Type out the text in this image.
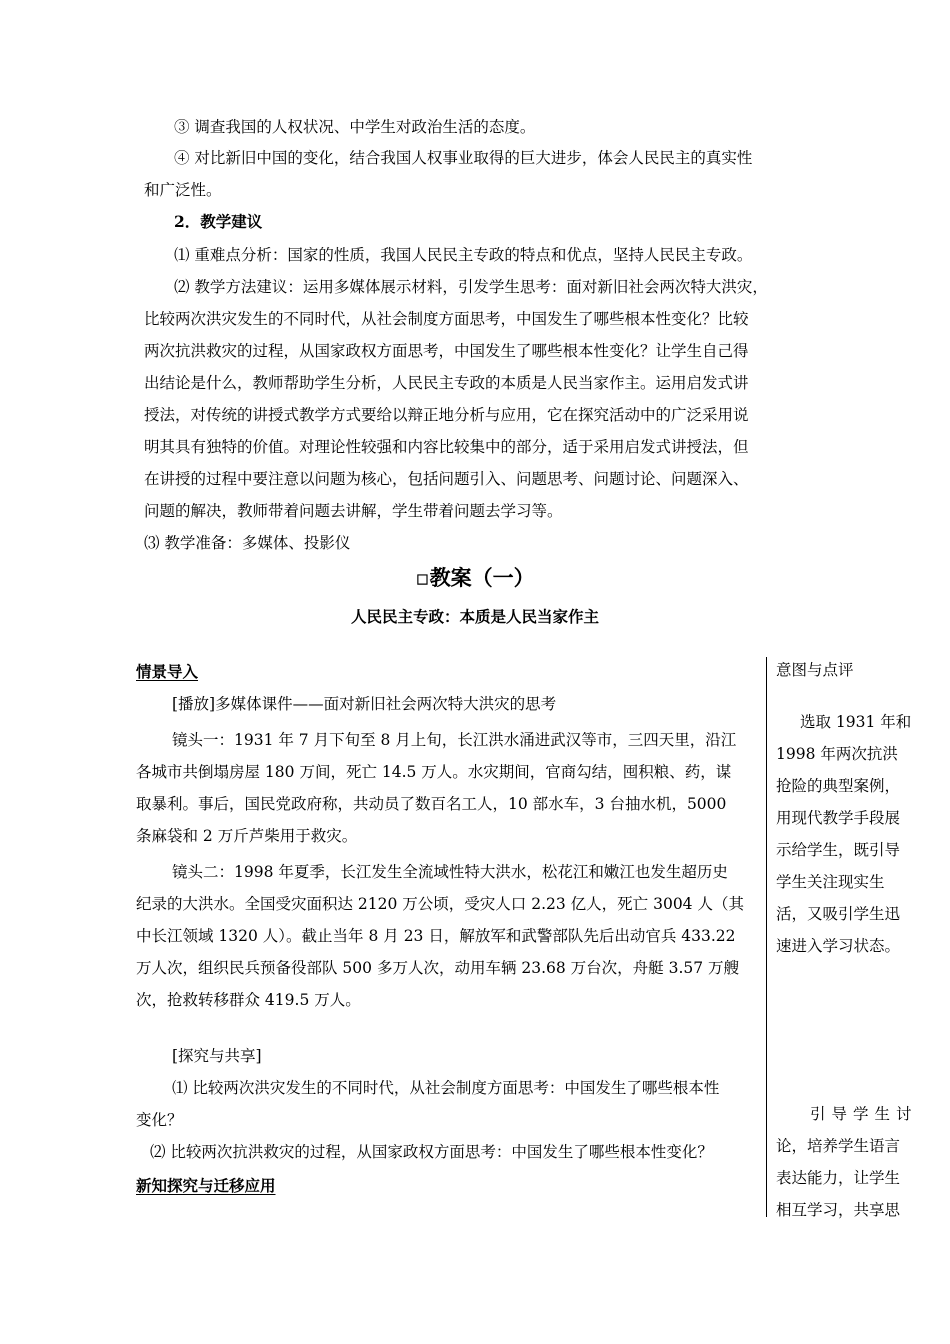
③ 调查我国的人权状况、中学生对政治生活的态度。
④ 对比新旧中国的变化，结合我国人权事业取得的巨大进步，体会人民民主的真实性
和广泛性。
2．教学建议
⑴ 重难点分析：国家的性质，我国人民民主专政的特点和优点，坚持人民民主专政。
⑵ 教学方法建议：运用多媒体展示材料，引发学生思考：面对新旧社会两次特大洪灾，
比较两次洪灾发生的不同时代，从社会制度方面思考，中国发生了哪些根本性变化？比较
两次抗洪救灾的过程，从国家政权方面思考，中国发生了哪些根本性变化？让学生自己得
出结论是什么，教师帮助学生分析，人民民主专政的本质是人民当家作主。运用启发式讲
授法，对传统的讲授式教学方式要给以辩正地分析与应用，它在探究活动中的广泛采用说
明其具有独特的价值。对理论性较强和内容比较集中的部分，适于采用启发式讲授法，但
在讲授的过程中要注意以问题为核心，包括问题引入、问题思考、问题讨论、问题深入、
问题的解决，教师带着问题去讲解，学生带着问题去学习等。
⑶ 教学准备：多媒体、投影仪
▫教案（一）
人民民主专政：本质是人民当家作主
情景导入
[播放]多媒体课件——面对新旧社会两次特大洪灾的思考
镜头一：1931 年 7 月下旬至 8 月上旬，长江洪水涌进武汉等市，三四天里，沿江
各城市共倒塌房屋 180 万间，死亡 14.5 万人。水灾期间，官商勾结，囤积粮、药，谋
取暴利。事后，国民党政府称，共动员了数百名工人，10 部水车，3 台抽水机，5000
条麻袋和 2 万斤芦柴用于救灾。
镜头二：1998 年夏季，长江发生全流域性特大洪水，松花江和嫩江也发生超历史
纪录的大洪水。全国受灾面积达 2120 万公顷，受灾人口 2.23 亿人，死亡 3004 人（其
中长江领域 1320 人）。截止当年 8 月 23 日，解放军和武警部队先后出动官兵 433.22
万人次，组织民兵预备役部队 500 多万人次，动用车辆 23.68 万台次，舟艇 3.57 万艘
次，抢救转移群众 419.5 万人。
[探究与共享]
⑴ 比较两次洪灾发生的不同时代，从社会制度方面思考：中国发生了哪些根本性
变化？
⑵ 比较两次抗洪救灾的过程，从国家政权方面思考：中国发生了哪些根本性变化？
新知探究与迁移应用
意图与点评
选取 1931 年和
1998 年两次抗洪
抢险的典型案例，
用现代教学手段展
示给学生，既引导
学生关注现实生
活，又吸引学生迅
速进入学习状态。
引导学生讨
论，培养学生语言
表达能力，让学生
相互学习，共享思
